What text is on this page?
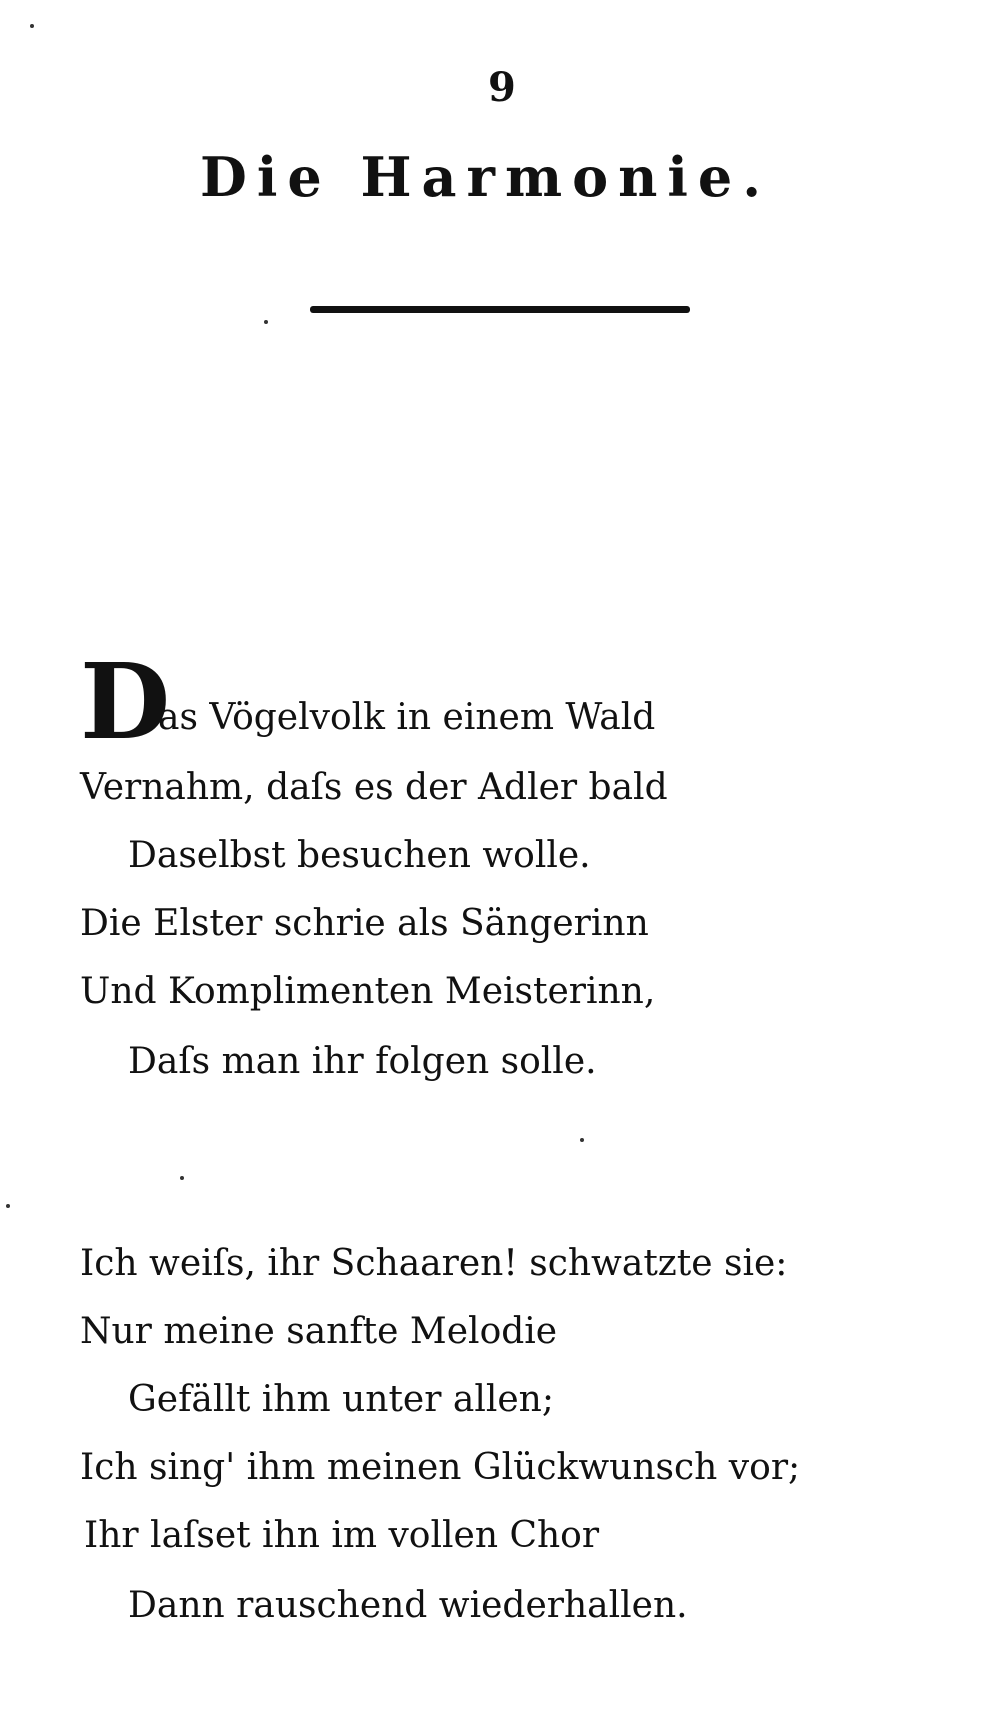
9
Die Harmonie.
D
as Vögelvolk in einem Wald
Vernahm, daſs es der Adler bald
Daselbst besuchen wolle.
Die Elster schrie als Sängerinn
Und Komplimenten Meisterinn,
Daſs man ihr folgen solle.
Ich weiſs, ihr Schaaren! schwatzte sie:
Nur meine sanfte Melodie
Gefällt ihm unter allen;
Ich sing' ihm meinen Glückwunsch vor;
Ihr laſset ihn im vollen Chor
Dann rauschend wiederhallen.
